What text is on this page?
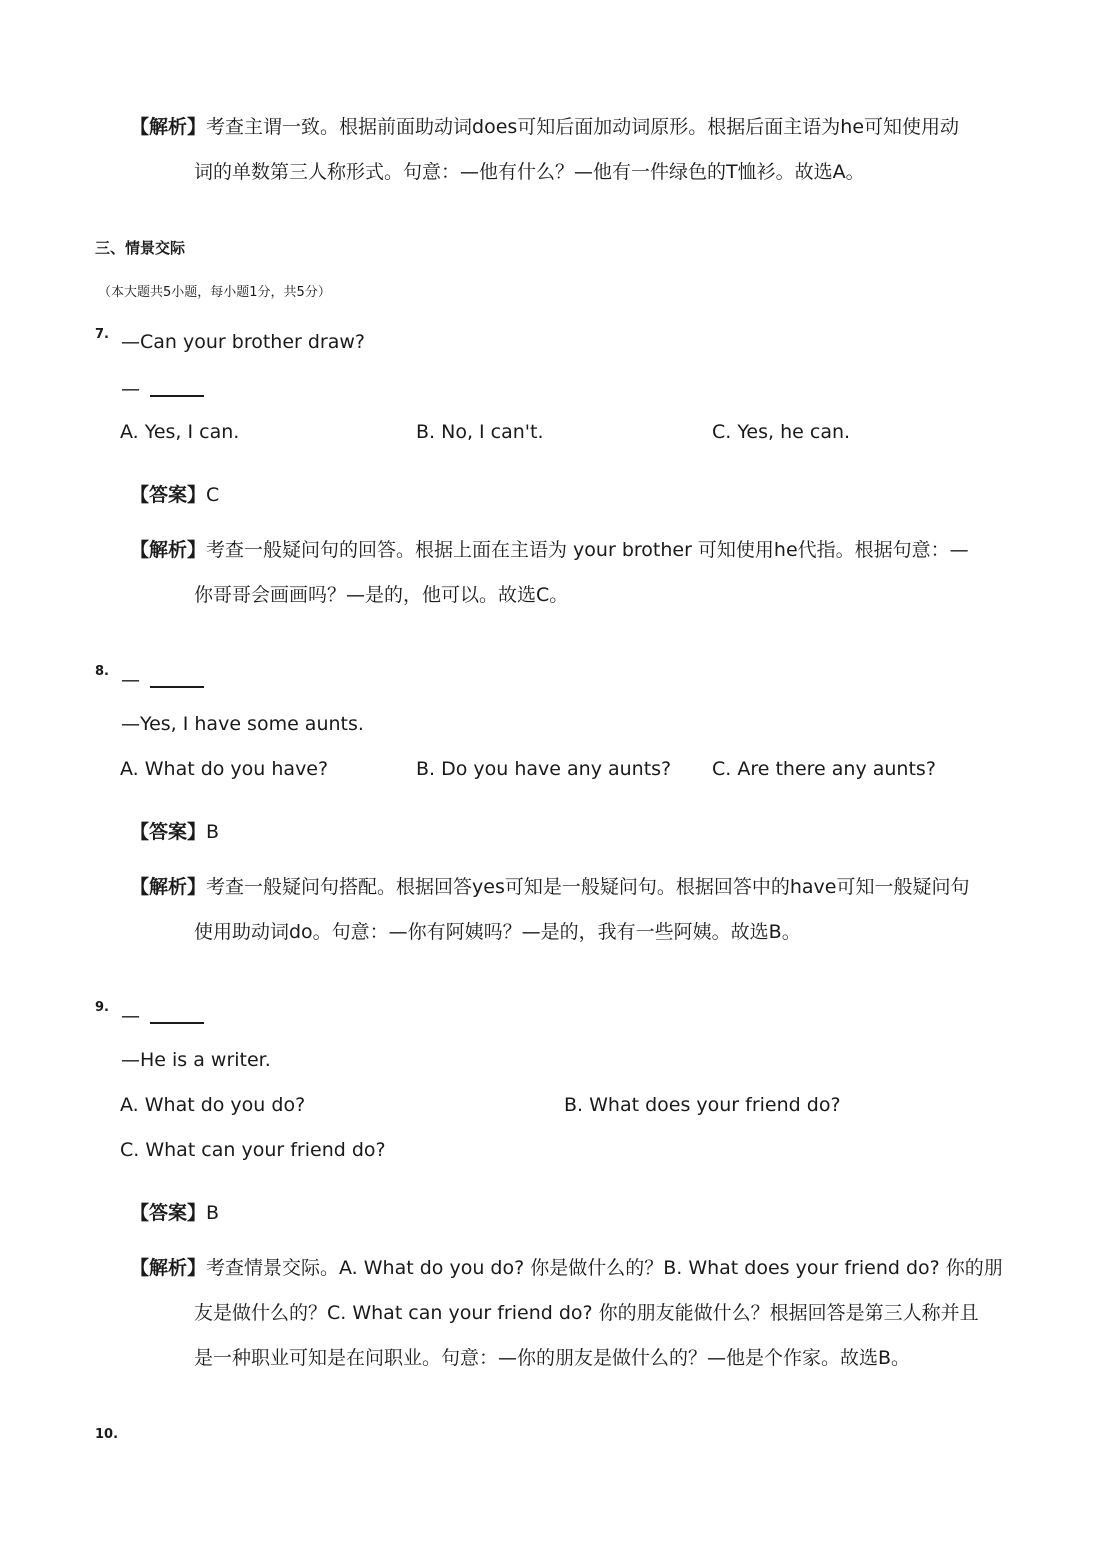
【解析】考查主谓一致。根据前面助动词does可知后面加动词原形。根据后面主语为he可知使用动
词的单数第三人称形式。句意：—他有什么？—他有一件绿色的T恤衫。故选A。
三、情景交际
（本大题共5小题，每小题1分，共5分）
7. —Can your brother draw?
—
A. Yes, I can.	B. No, I can't.	C. Yes, he can.
【答案】C
【解析】考查一般疑问句的回答。根据上面在主语为 your brother 可知使用he代指。根据句意：—
你哥哥会画画吗？—是的，他可以。故选C。
8. —
—Yes, I have some aunts.
A. What do you have?	B. Do you have any aunts? C. Are there any aunts?
【答案】B
【解析】考查一般疑问句搭配。根据回答yes可知是一般疑问句。根据回答中的have可知一般疑问句
使用助动词do。句意：—你有阿姨吗？—是的，我有一些阿姨。故选B。
9. —
—He is a writer.
A. What do you do?	B. What does your friend do?
C. What can your friend do?
【答案】B
【解析】考查情景交际。A. What do you do? 你是做什么的？B. What does your friend do? 你的朋
友是做什么的？C. What can your friend do? 你的朋友能做什么？根据回答是第三人称并且
是一种职业可知是在问职业。句意：—你的朋友是做什么的？—他是个作家。故选B。
10.
